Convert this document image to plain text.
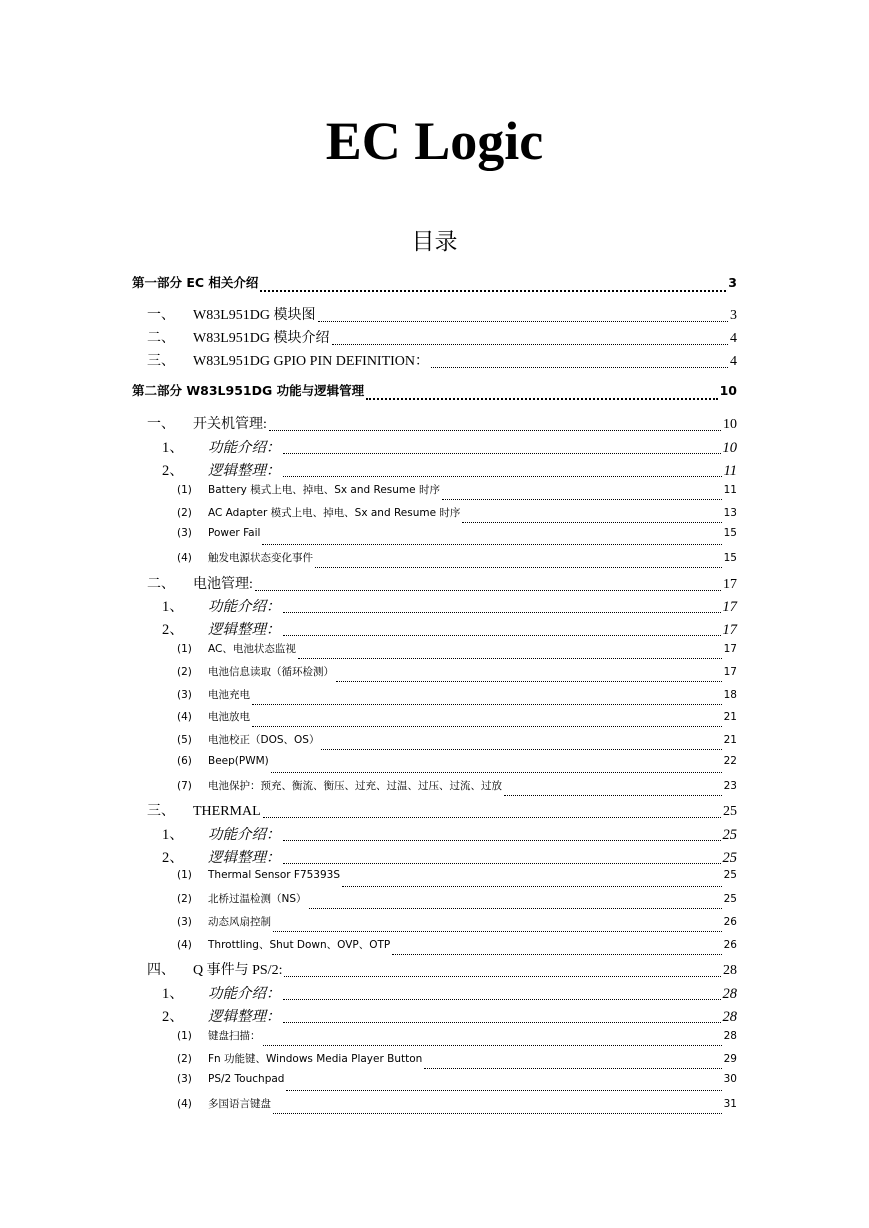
EC Logic
目录
第一部分 EC 相关介绍	3
一、	W83L951DG 模块图	3
二、	W83L951DG 模块介绍	4
三、	W83L951DG GPIO PIN DEFINITION：	4
第二部分 W83L951DG 功能与逻辑管理	10
一、	开关机管理:	10
1、	功能介绍：	10
2、	逻辑整理：	11
(1)	Battery 模式上电、掉电、Sx and Resume 时序	11
(2)	AC Adapter 模式上电、掉电、Sx and Resume 时序	13
(3)	Power Fail	15
(4)	触发电源状态变化事件	15
二、	电池管理:	17
1、	功能介绍：	17
2、	逻辑整理：	17
(1)	AC、电池状态监视	17
(2)	电池信息读取（循环检测）	17
(3)	电池充电	18
(4)	电池放电	21
(5)	电池校正（DOS、OS）	21
(6)	Beep(PWM)	22
(7)	电池保护：预充、衡流、衡压、过充、过温、过压、过流、过放	23
三、	THERMAL	25
1、	功能介绍：	25
2、	逻辑整理：	25
(1)	Thermal Sensor F75393S	25
(2)	北桥过温检测（NS）	25
(3)	动态风扇控制	26
(4)	Throttling、Shut Down、OVP、OTP	26
四、	Q 事件与 PS/2:	28
1、	功能介绍：	28
2、	逻辑整理：	28
(1)	键盘扫描：	28
(2)	Fn 功能键、Windows Media Player Button	29
(3)	PS/2 Touchpad	30
(4)	多国语言键盘	31
